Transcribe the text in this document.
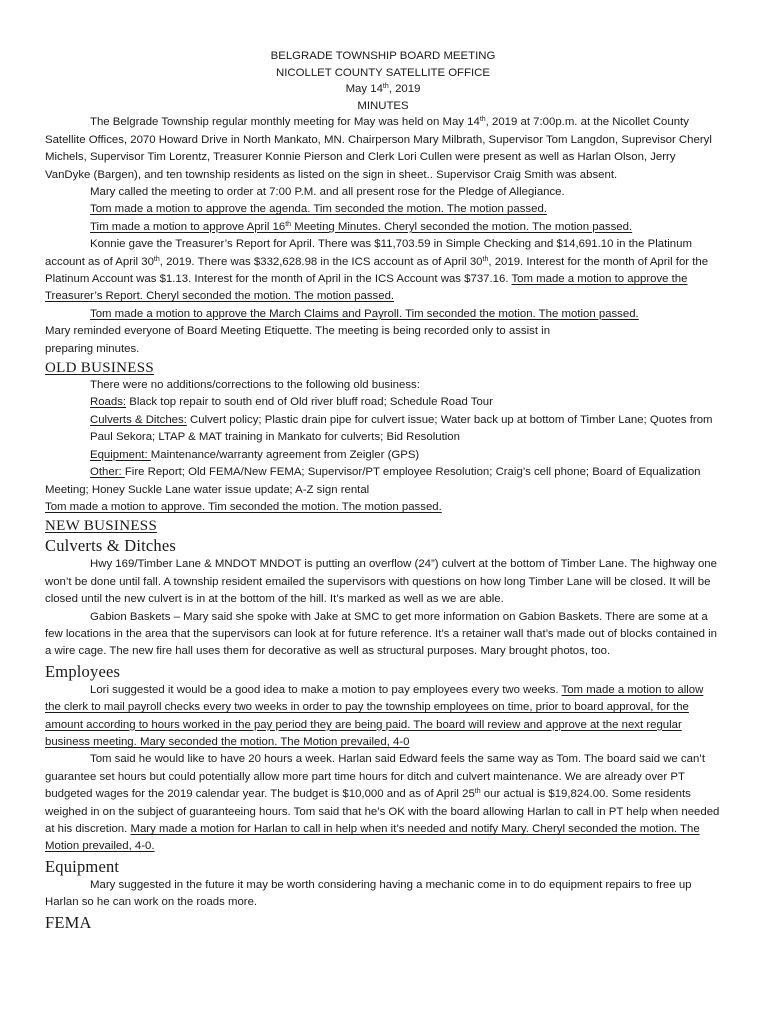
BELGRADE TOWNSHIP BOARD MEETING
NICOLLET COUNTY SATELLITE OFFICE
May 14th, 2019
MINUTES

The Belgrade Township regular monthly meeting for May was held on May 14th, 2019 at 7:00p.m. at the Nicollet County Satellite Offices, 2070 Howard Drive in North Mankato, MN. Chairperson Mary Milbrath, Supervisor Tom Langdon, Suprevisor Cheryl Michels, Supervisor Tim Lorentz, Treasurer Konnie Pierson and Clerk Lori Cullen were present as well as Harlan Olson, Jerry VanDyke (Bargen), and ten township residents as listed on the sign in sheet.. Supervisor Craig Smith was absent.

Mary called the meeting to order at 7:00 P.M. and all present rose for the Pledge of Allegiance.

Tom made a motion to approve the agenda. Tim seconded the motion. The motion passed.

Tim made a motion to approve April 16th Meeting Minutes. Cheryl seconded the motion. The motion passed.

Konnie gave the Treasurer’s Report for April. There was $11,703.59 in Simple Checking and $14,691.10 in the Platinum account as of April 30th, 2019. There was $332,628.98 in the ICS account as of April 30th, 2019. Interest for the month of April for the Platinum Account was $1.13. Interest for the month of April in the ICS Account was $737.16. Tom made a motion to approve the Treasurer’s Report. Cheryl seconded the motion. The motion passed.

Tom made a motion to approve the March Claims and Payroll. Tim seconded the motion. The motion passed.

Mary reminded everyone of Board Meeting Etiquette. The meeting is being recorded only to assist in preparing minutes.

OLD BUSINESS

There were no additions/corrections to the following old business:

Roads: Black top repair to south end of Old river bluff road; Schedule Road Tour

Culverts & Ditches: Culvert policy; Plastic drain pipe for culvert issue; Water back up at bottom of Timber Lane; Quotes from Paul Sekora; LTAP & MAT training in Mankato for culverts; Bid Resolution

Equipment: Maintenance/warranty agreement from Zeigler (GPS)

Other: Fire Report; Old FEMA/New FEMA; Supervisor/PT employee Resolution; Craig’s cell phone; Board of Equalization Meeting; Honey Suckle Lane water issue update; A-Z sign rental

Tom made a motion to approve. Tim seconded the motion. The motion passed.

NEW BUSINESS
Culverts & Ditches

Hwy 169/Timber Lane & MNDOT MNDOT is putting an overflow (24”) culvert at the bottom of Timber Lane. The highway one won’t be done until fall. A township resident emailed the supervisors with questions on how long Timber Lane will be closed. It will be closed until the new culvert is in at the bottom of the hill. It’s marked as well as we are able.

Gabion Baskets – Mary said she spoke with Jake at SMC to get more information on Gabion Baskets. There are some at a few locations in the area that the supervisors can look at for future reference. It’s a retainer wall that’s made out of blocks contained in a wire cage. The new fire hall uses them for decorative as well as structural purposes. Mary brought photos, too.

Employees

Lori suggested it would be a good idea to make a motion to pay employees every two weeks. Tom made a motion to allow the clerk to mail payroll checks every two weeks in order to pay the township employees on time, prior to board approval, for the amount according to hours worked in the pay period they are being paid. The board will review and approve at the next regular business meeting. Mary seconded the motion. The Motion prevailed, 4-0

Tom said he would like to have 20 hours a week. Harlan said Edward feels the same way as Tom. The board said we can’t guarantee set hours but could potentially allow more part time hours for ditch and culvert maintenance. We are already over PT budgeted wages for the 2019 calendar year. The budget is $10,000 and as of April 25th our actual is $19,824.00. Some residents weighed in on the subject of guaranteeing hours. Tom said that he’s OK with the board allowing Harlan to call in PT help when needed at his discretion. Mary made a motion for Harlan to call in help when it’s needed and notify Mary. Cheryl seconded the motion. The Motion prevailed, 4-0.

Equipment

Mary suggested in the future it may be worth considering having a mechanic come in to do equipment repairs to free up Harlan so he can work on the roads more.

FEMA
